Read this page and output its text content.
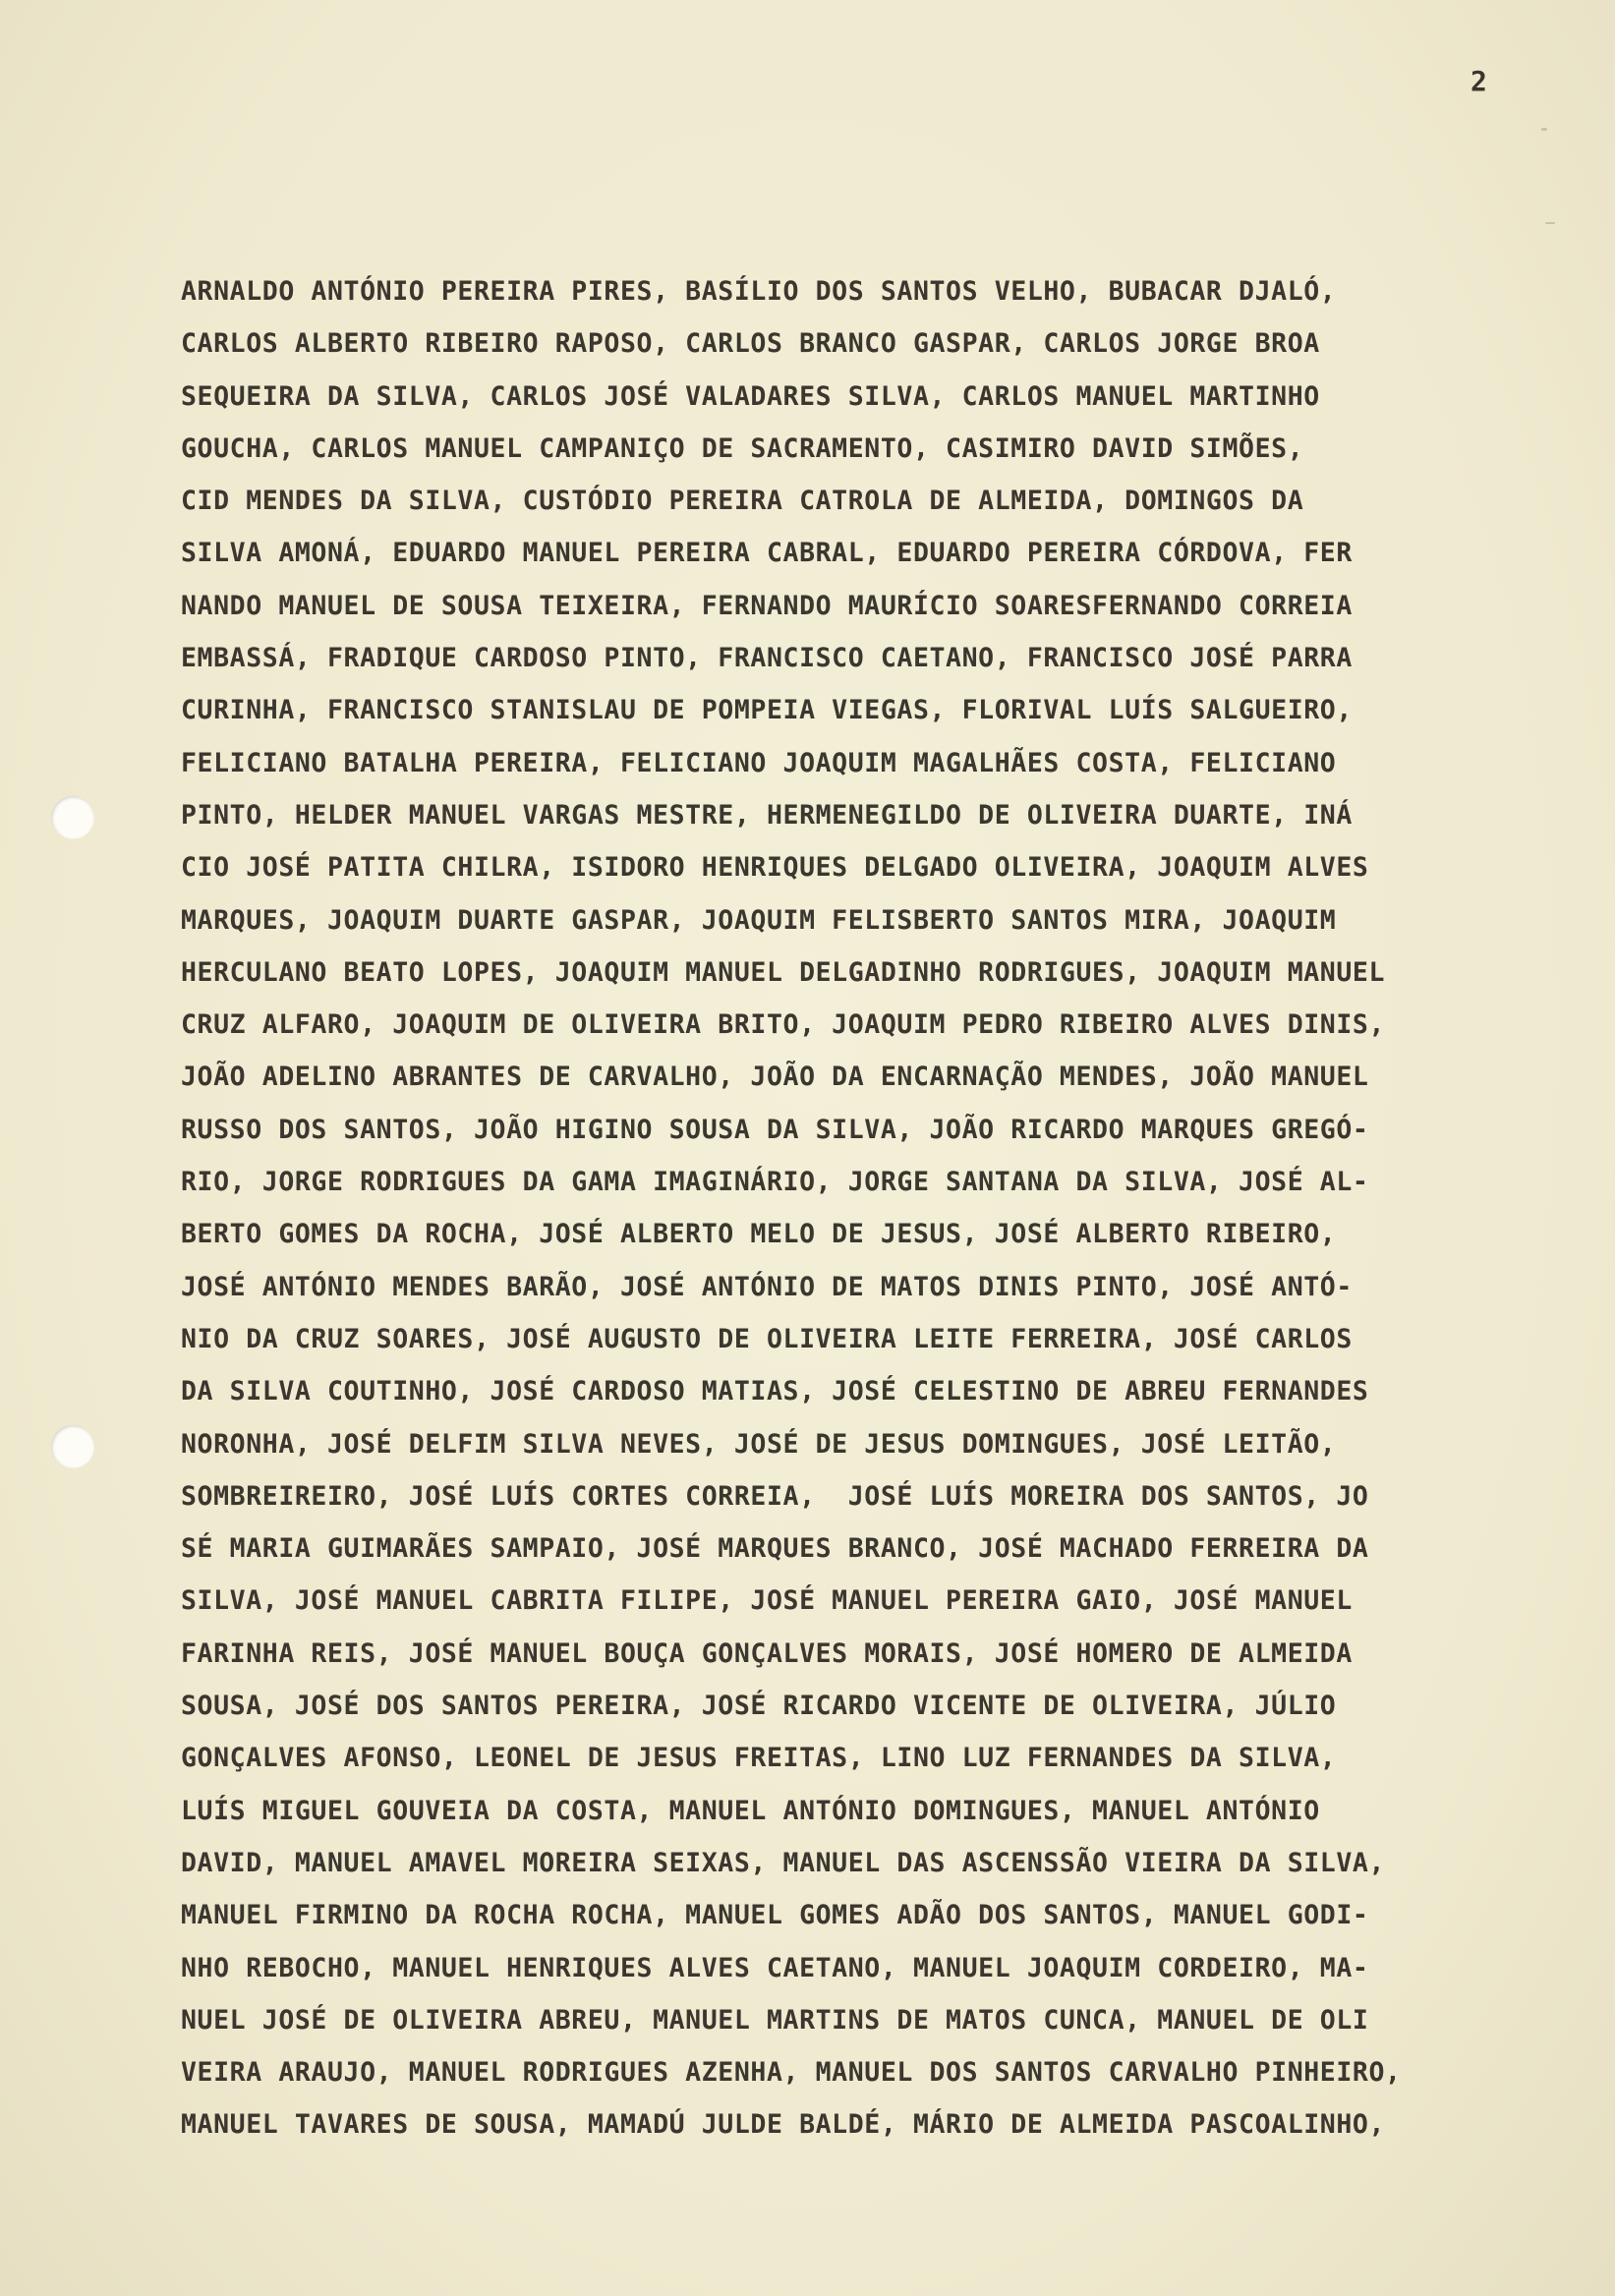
2
ARNALDO ANTÓNIO PEREIRA PIRES, BASÍLIO DOS SANTOS VELHO, BUBACAR DJALÓ,
CARLOS ALBERTO RIBEIRO RAPOSO, CARLOS BRANCO GASPAR, CARLOS JORGE BROA
SEQUEIRA DA SILVA, CARLOS JOSÉ VALADARES SILVA, CARLOS MANUEL MARTINHO
GOUCHA, CARLOS MANUEL CAMPANIÇO DE SACRAMENTO, CASIMIRO DAVID SIMÕES,
CID MENDES DA SILVA, CUSTÓDIO PEREIRA CATROLA DE ALMEIDA, DOMINGOS DA
SILVA AMONÁ, EDUARDO MANUEL PEREIRA CABRAL, EDUARDO PEREIRA CÓRDOVA, FER
NANDO MANUEL DE SOUSA TEIXEIRA, FERNANDO MAURÍCIO SOARESFERNANDO CORREIA
EMBASSÁ, FRADIQUE CARDOSO PINTO, FRANCISCO CAETANO, FRANCISCO JOSÉ PARRA
CURINHA, FRANCISCO STANISLAU DE POMPEIA VIEGAS, FLORIVAL LUÍS SALGUEIRO,
FELICIANO BATALHA PEREIRA, FELICIANO JOAQUIM MAGALHÃES COSTA, FELICIANO
PINTO, HELDER MANUEL VARGAS MESTRE, HERMENEGILDO DE OLIVEIRA DUARTE, INÁ
CIO JOSÉ PATITA CHILRA, ISIDORO HENRIQUES DELGADO OLIVEIRA, JOAQUIM ALVES
MARQUES, JOAQUIM DUARTE GASPAR, JOAQUIM FELISBERTO SANTOS MIRA, JOAQUIM
HERCULANO BEATO LOPES, JOAQUIM MANUEL DELGADINHO RODRIGUES, JOAQUIM MANUEL
CRUZ ALFARO, JOAQUIM DE OLIVEIRA BRITO, JOAQUIM PEDRO RIBEIRO ALVES DINIS,
JOÃO ADELINO ABRANTES DE CARVALHO, JOÃO DA ENCARNAÇÃO MENDES, JOÃO MANUEL
RUSSO DOS SANTOS, JOÃO HIGINO SOUSA DA SILVA, JOÃO RICARDO MARQUES GREGÓ-
RIO, JORGE RODRIGUES DA GAMA IMAGINÁRIO, JORGE SANTANA DA SILVA, JOSÉ AL-
BERTO GOMES DA ROCHA, JOSÉ ALBERTO MELO DE JESUS, JOSÉ ALBERTO RIBEIRO,
JOSÉ ANTÓNIO MENDES BARÃO, JOSÉ ANTÓNIO DE MATOS DINIS PINTO, JOSÉ ANTÓ-
NIO DA CRUZ SOARES, JOSÉ AUGUSTO DE OLIVEIRA LEITE FERREIRA, JOSÉ CARLOS
DA SILVA COUTINHO, JOSÉ CARDOSO MATIAS, JOSÉ CELESTINO DE ABREU FERNANDES
NORONHA, JOSÉ DELFIM SILVA NEVES, JOSÉ DE JESUS DOMINGUES, JOSÉ LEITÃO,
SOMBREIREIRO, JOSÉ LUÍS CORTES CORREIA,  JOSÉ LUÍS MOREIRA DOS SANTOS, JO
SÉ MARIA GUIMARÃES SAMPAIO, JOSÉ MARQUES BRANCO, JOSÉ MACHADO FERREIRA DA
SILVA, JOSÉ MANUEL CABRITA FILIPE, JOSÉ MANUEL PEREIRA GAIO, JOSÉ MANUEL
FARINHA REIS, JOSÉ MANUEL BOUÇA GONÇALVES MORAIS, JOSÉ HOMERO DE ALMEIDA
SOUSA, JOSÉ DOS SANTOS PEREIRA, JOSÉ RICARDO VICENTE DE OLIVEIRA, JÚLIO
GONÇALVES AFONSO, LEONEL DE JESUS FREITAS, LINO LUZ FERNANDES DA SILVA,
LUÍS MIGUEL GOUVEIA DA COSTA, MANUEL ANTÓNIO DOMINGUES, MANUEL ANTÓNIO
DAVID, MANUEL AMAVEL MOREIRA SEIXAS, MANUEL DAS ASCENSSÃO VIEIRA DA SILVA,
MANUEL FIRMINO DA ROCHA ROCHA, MANUEL GOMES ADÃO DOS SANTOS, MANUEL GODI-
NHO REBOCHO, MANUEL HENRIQUES ALVES CAETANO, MANUEL JOAQUIM CORDEIRO, MA-
NUEL JOSÉ DE OLIVEIRA ABREU, MANUEL MARTINS DE MATOS CUNCA, MANUEL DE OLI
VEIRA ARAUJO, MANUEL RODRIGUES AZENHA, MANUEL DOS SANTOS CARVALHO PINHEIRO,
MANUEL TAVARES DE SOUSA, MAMADÚ JULDE BALDÉ, MÁRIO DE ALMEIDA PASCOALINHO,
